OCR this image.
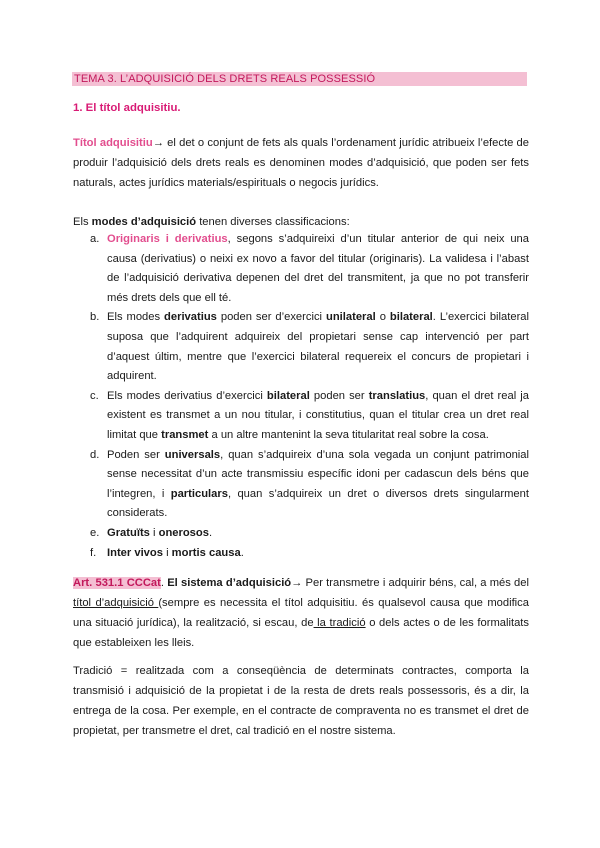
TEMA 3. L’ADQUISICIÓ DELS DRETS REALS POSSESSIÓ
1. El títol adquisitiu.
Títol adquisitiu→ el det o conjunt de fets als quals l’ordenament jurídic atribueix l’efecte de produir l’adquisició dels drets reals es denominen modes d’adquisició, que poden ser fets naturals, actes jurídics materials/espirituals o negocis jurídics.
Els modes d’adquisició tenen diverses classificacions:
a. Originaris i derivatius, segons s’adquireixi d’un titular anterior de qui neix una causa (derivatius) o neixi ex novo a favor del titular (originaris). La validesa i l’abast de l’adquisició derivativa depenen del dret del transmitent, ja que no pot transferir més drets dels que ell té.
b. Els modes derivatius poden ser d’exercici unilateral o bilateral. L’exercici bilateral suposa que l’adquirent adquireix del propietari sense cap intervenció per part d’aquest últim, mentre que l’exercici bilateral requereix el concurs de propietari i adquirent.
c. Els modes derivatius d’exercici bilateral poden ser translatius, quan el dret real ja existent es transmet a un nou titular, i constitutius, quan el titular crea un dret real limitat que transmet a un altre mantenint la seva titularitat real sobre la cosa.
d. Poden ser universals, quan s’adquireix d’una sola vegada un conjunt patrimonial sense necessitat d’un acte transmissiu específic idoni per cadascun dels béns que l’integren, i particulars, quan s’adquireix un dret o diversos drets singularment considerats.
e. Gratuïts i onerosos.
f. Inter vivos i mortis causa.
Art. 531.1 CCCat. El sistema d’adquisició→ Per transmetre i adquirir béns, cal, a més del títol d’adquisició (sempre es necessita el títol adquisitiu. és qualsevol causa que modifica una situació jurídica), la realització, si escau, de la tradició o dels actes o de les formalitats que estableixen les lleis.
Tradició = realitzada com a conseqüència de determinats contractes, comporta la transmisió i adquisició de la propietat i de la resta de drets reals possessoris, és a dir, la entrega de la cosa. Per exemple, en el contracte de compraventa no es transmet el dret de propietat, per transmetre el dret, cal tradició en el nostre sistema.
